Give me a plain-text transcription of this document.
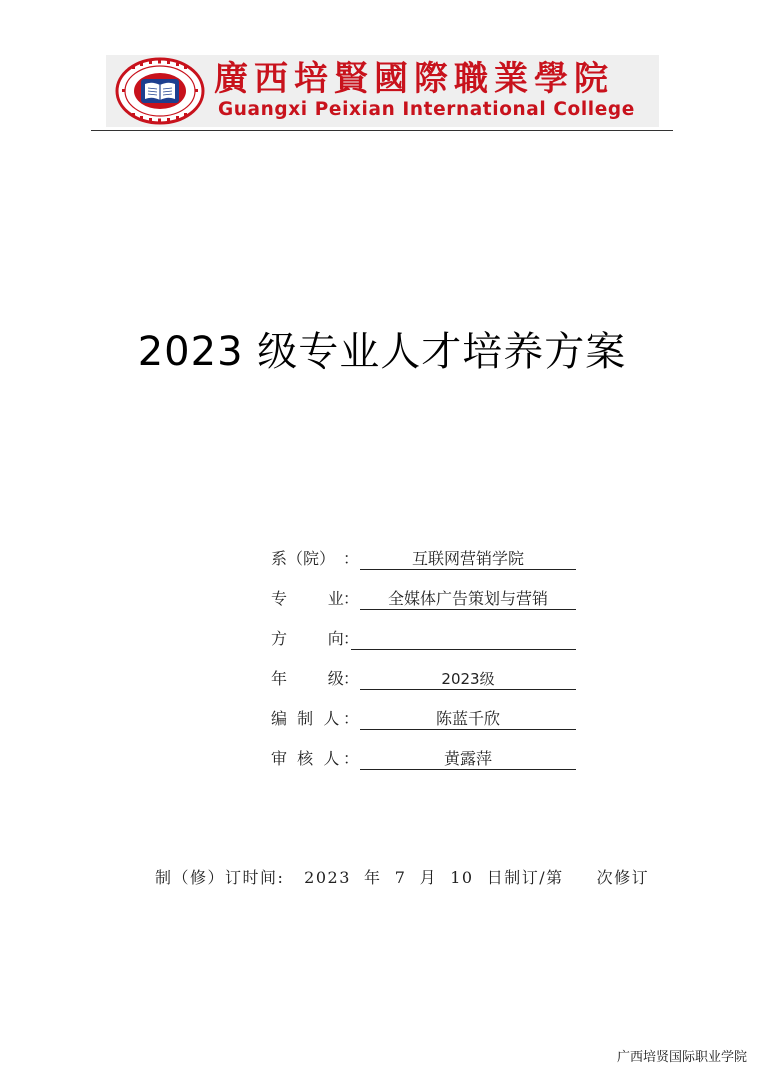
廣西培賢國際職業學院
Guangxi Peixian International College
2023 级专业人才培养方案
系（院） ：	互联网营销学院
专        业 ：	全媒体广告策划与营销
方        向 ：
年        级 ：	2023级
编  制  人 ：	陈蓝千欣
审  核  人 ：	黄露萍
制（修）订时间:   2023  年  7  月  10  日制订/第     次修订
广西培贤国际职业学院
